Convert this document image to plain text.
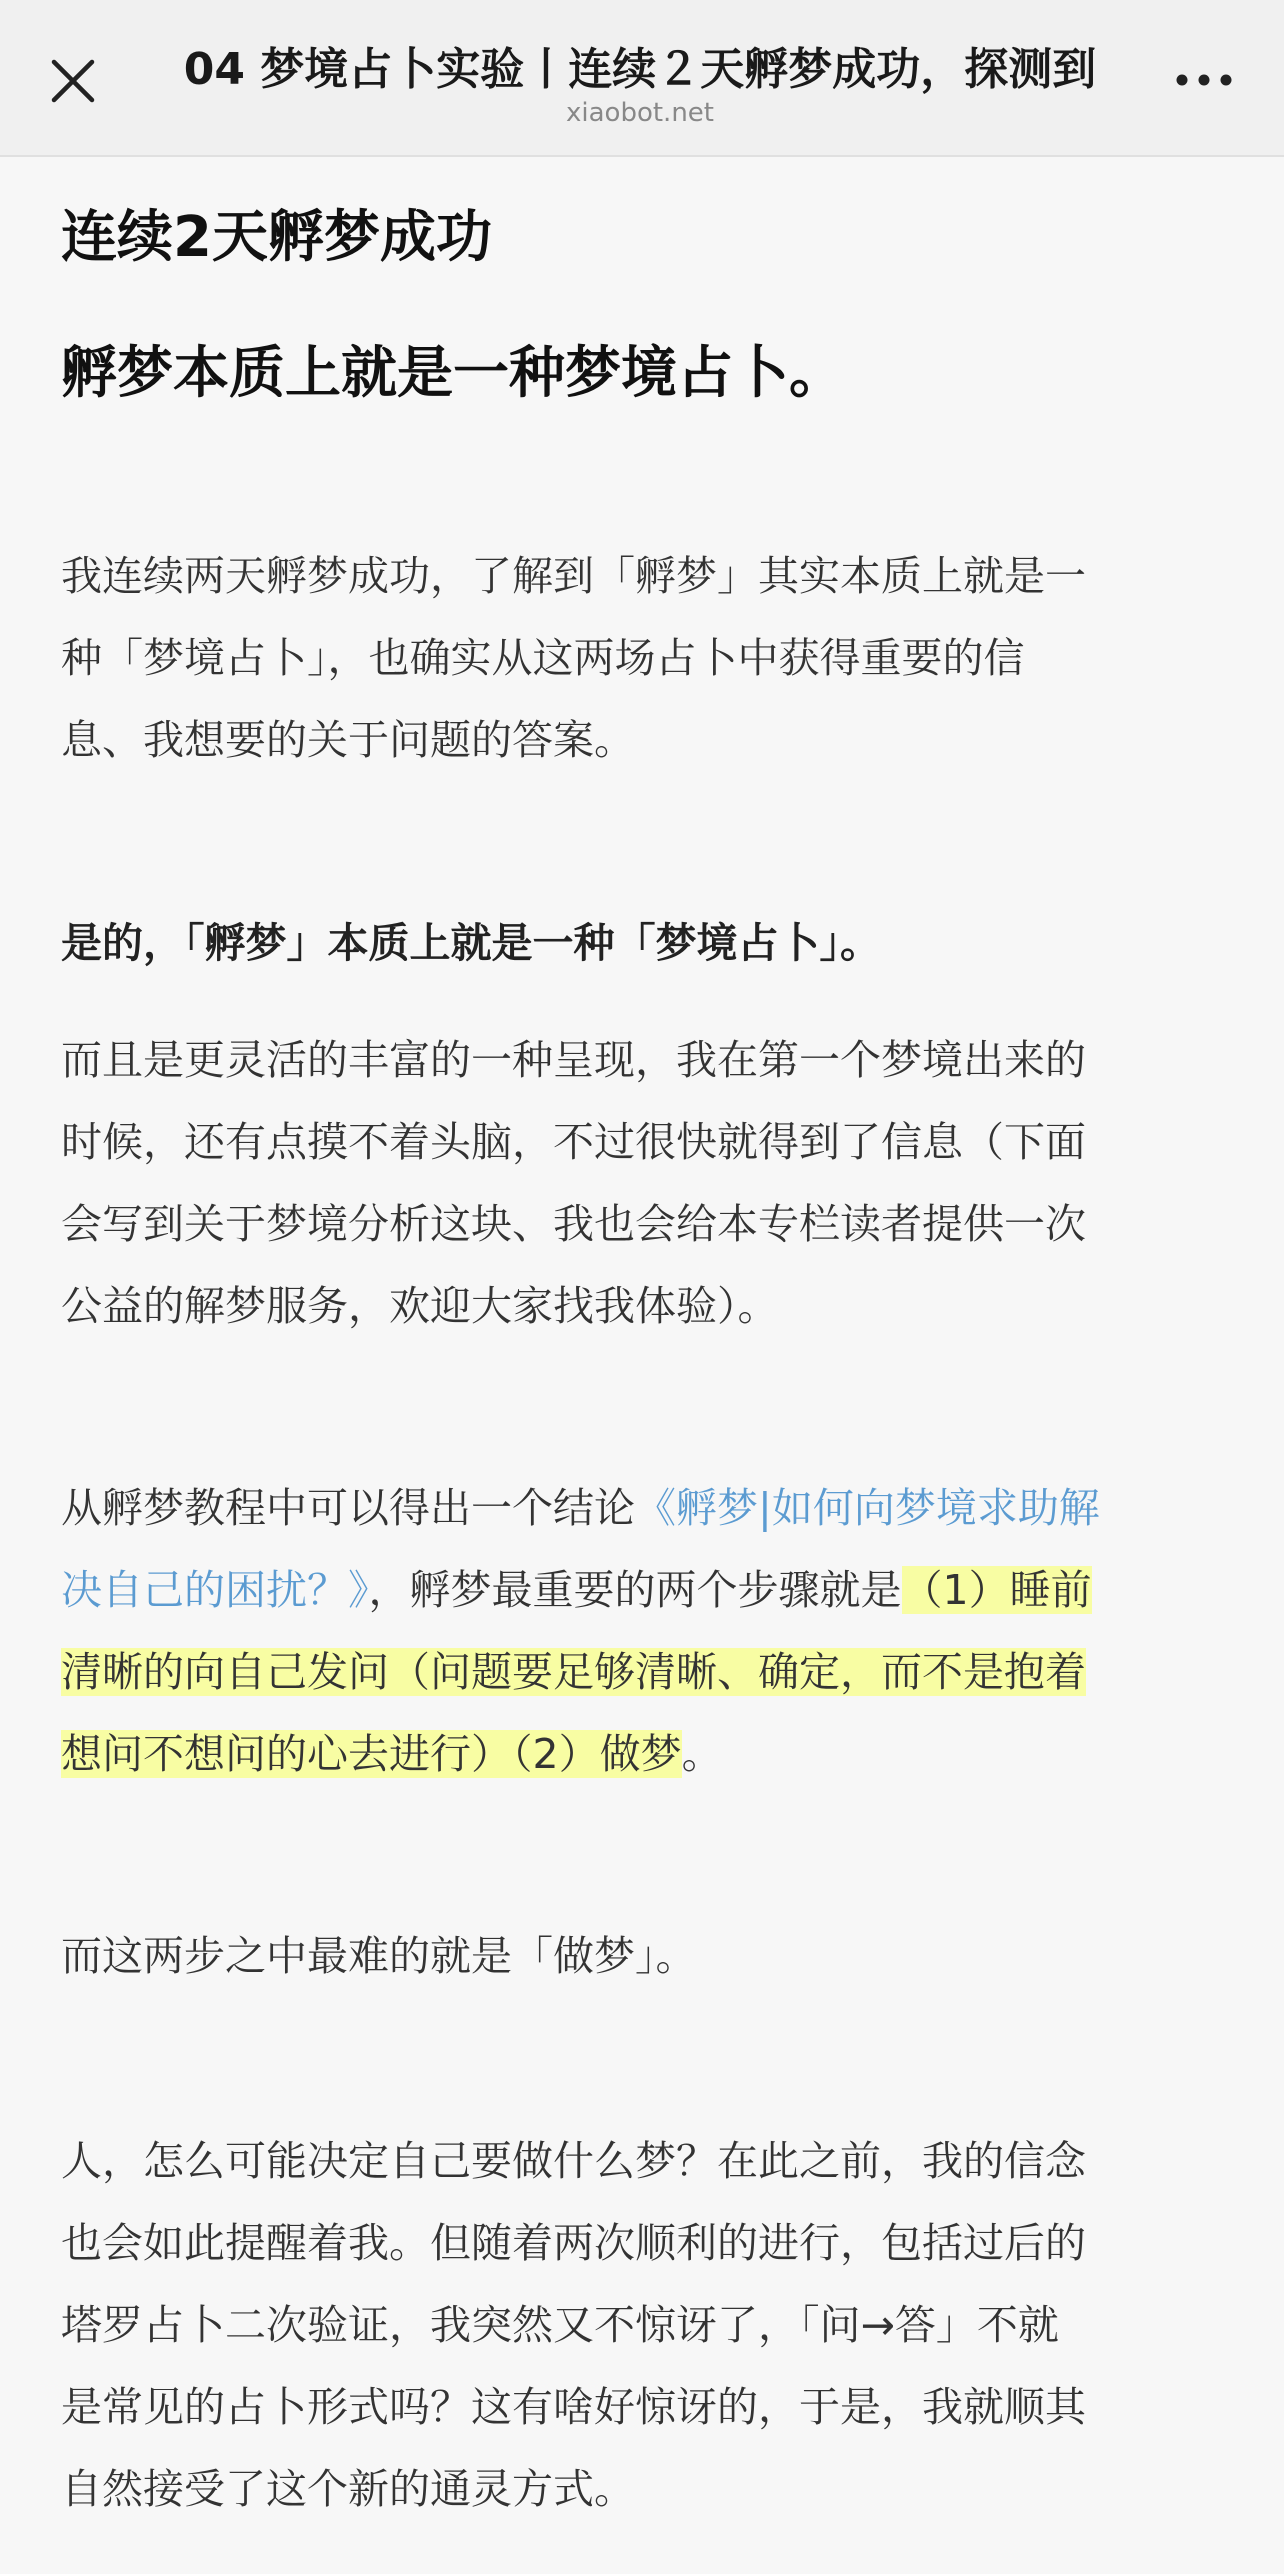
04 梦境占卜实验丨连续２天孵梦成功，探测到
xiaobot.net
连续2天孵梦成功
孵梦本质上就是一种梦境占卜。

我连续两天孵梦成功，了解到「孵梦」其实本质上就是一
种「梦境占卜」，也确实从这两场占卜中获得重要的信
息、我想要的关于问题的答案。

是的，「孵梦」本质上就是一种「梦境占卜」。

而且是更灵活的丰富的一种呈现，我在第一个梦境出来的
时候，还有点摸不着头脑，不过很快就得到了信息（下面
会写到关于梦境分析这块、我也会给本专栏读者提供一次
公益的解梦服务，欢迎大家找我体验）。

从孵梦教程中可以得出一个结论《孵梦|如何向梦境求助解
决自己的困扰？》，孵梦最重要的两个步骤就是（1）睡前
清晰的向自己发问（问题要足够清晰、确定，而不是抱着
想问不想问的心去进行）（2）做梦。

而这两步之中最难的就是「做梦」。

人，怎么可能决定自己要做什么梦？在此之前，我的信念
也会如此提醒着我。但随着两次顺利的进行，包括过后的
塔罗占卜二次验证，我突然又不惊讶了，「问→答」不就
是常见的占卜形式吗？这有啥好惊讶的，于是，我就顺其
自然接受了这个新的通灵方式。
